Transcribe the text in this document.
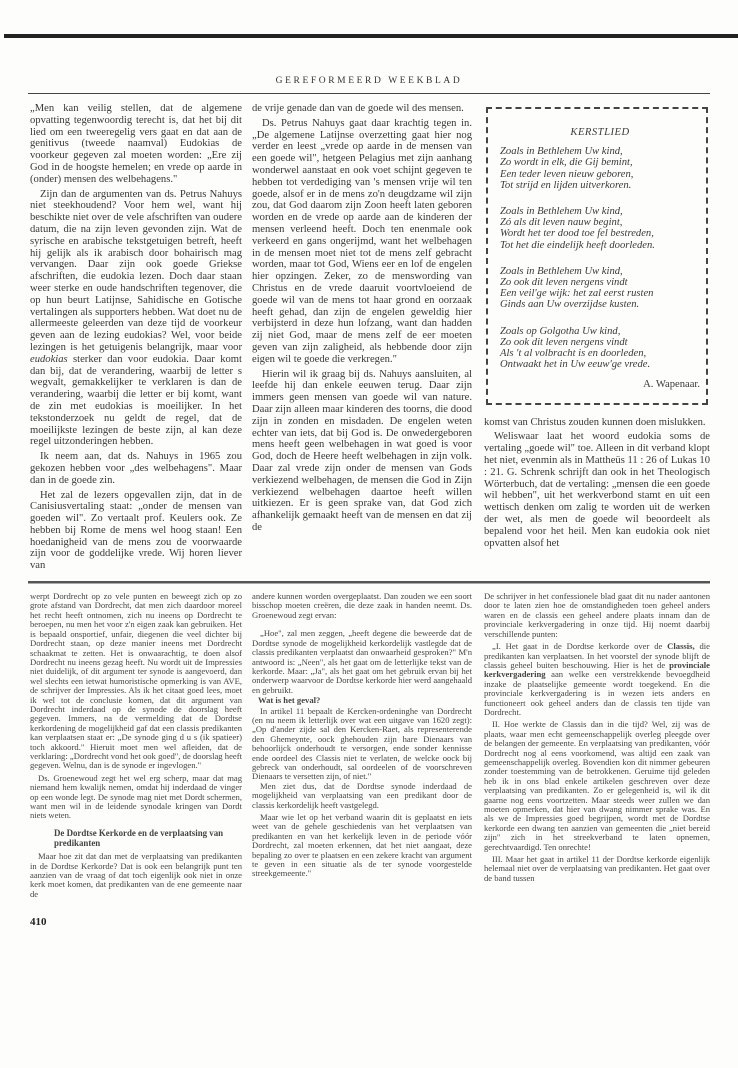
GEREFORMEERD WEEKBLAD

„Men kan veilig stellen, dat de algemene opvatting tegenwoordig terecht is, dat het bij dit lied om een tweeregelig vers gaat en dat aan de genitivus (tweede naamval) Eudokias de voorkeur gegeven zal moeten worden: „Ere zij God in de hoogste hemelen; en vrede op aarde in (onder) mensen des welbehagens."

Zijn dan de argumenten van ds. Petrus Nahuys niet steekhoudend? Voor hem wel, want hij beschikte niet over de vele afschriften van oudere datum, die na zijn leven gevonden zijn. Wat de syrische en arabische tekstgetuigen betreft, heeft hij gelijk als ik arabisch door bohairisch mag vervangen. Daar zijn ook goede Griekse afschriften, die eudokia lezen. Doch daar staan weer sterke en oude handschriften tegenover, die op hun beurt Latijnse, Sahidische en Gotische vertalingen als supporters hebben. Wat doet nu de allermeeste geleerden van deze tijd de voorkeur geven aan de lezing eudokias? Wel, voor beide lezingen is het getuigenis belangrijk, maar voor eudokias sterker dan voor eudokia. Daar komt dan bij, dat de verandering, waarbij de letter s wegvalt, gemakkelijker te verklaren is dan de verandering, waarbij die letter er bij komt, want de zin met eudokias is moeilijker. In het tekstonderzoek nu geldt de regel, dat de moeilijkste lezingen de beste zijn, al kan deze regel uitzonderingen hebben.

Ik neem aan, dat ds. Nahuys in 1965 zou gekozen hebben voor „des welbehagens". Maar dan in de goede zin.

Het zal de lezers opgevallen zijn, dat in de Canisiusvertaling staat: „onder de mensen van goeden wil". Zo vertaalt prof. Keulers ook. Ze hebben bij Rome de mens wel hoog staan! Een hoedanigheid van de mens zou de voorwaarde zijn voor de goddelijke vrede. Wij horen liever van

de vrije genade dan van de goede wil des mensen.

Ds. Petrus Nahuys gaat daar krachtig tegen in. „De algemene Latijnse overzetting gaat hier nog verder en leest „vrede op aarde in de mensen van een goede wil", hetgeen Pelagius met zijn aanhang wonderwel aanstaat en ook voet schijnt gegeven te hebben tot verdediging van 's mensen vrije wil ten goede, alsof er in de mens zo'n deugdzame wil zijn zou, dat God daarom zijn Zoon heeft laten geboren worden en de vrede op aarde aan de kinderen der mensen verleend heeft. Doch ten enenmale ook verkeerd en gans ongerijmd, want het welbehagen in de mensen moet niet tot de mens zelf gebracht worden, maar tot God, Wiens eer en lof de engelen hier opzingen. Zeker, zo de menswording van Christus en de vrede daaruit voortvloeiend de goede wil van de mens tot haar grond en oorzaak heeft gehad, dan zijn de engelen geweldig hier verbijsterd in deze hun lofzang, want dan hadden zij niet God, maar de mens zelf de eer moeten geven van zijn zaligheid, als hebbende door zijn eigen wil te goede die verkregen."

Hierin wil ik graag bij ds. Nahuys aansluiten, al leefde hij dan enkele eeuwen terug. Daar zijn immers geen mensen van goede wil van nature. Daar zijn alleen maar kinderen des toorns, die dood zijn in zonden en misdaden. De engelen weten echter van iets, dat bij God is. De onwedergeboren mens heeft geen welbehagen in wat goed is voor God, doch de Heere heeft welbehagen in zijn volk. Daar zal vrede zijn onder de mensen van Gods verkiezend welbehagen, de mensen die God in Zijn verkiezend welbehagen daartoe heeft willen uitkiezen. Er is geen sprake van, dat God zich afhankelijk gemaakt heeft van de mensen en dat zij de

KERSTLIED
Zoals in Bethlehem Uw kind,
Zo wordt in elk, die Gij bemint,
Een teder leven nieuw geboren,
Tot strijd en lijden uitverkoren.
Zoals in Bethlehem Uw kind,
Zó als dit leven nauw begint,
Wordt het ter dood toe fel bestreden,
Tot het die eindelijk heeft doorleden.
Zoals in Bethlehem Uw kind,
Zo ook dit leven nergens vindt
Een veil'ge wijk: het zal eerst rusten
Ginds aan Uw overzijdse kusten.
Zoals op Golgotha Uw kind,
Zo ook dit leven nergens vindt
Als 't al volbracht is en doorleden,
Ontwaakt het in Uw eeuw'ge vrede.
A. Wapenaar.

komst van Christus zouden kunnen doen mislukken.

Weliswaar laat het woord eudokia soms de vertaling „goede wil" toe. Alleen in dit verband klopt het niet, evenmin als in Mattheüs 11 : 26 of Lukas 10 : 21. G. Schrenk schrijft dan ook in het Theologisch Wörterbuch, dat de vertaling: „mensen die een goede wil hebben", uit het werkverbond stamt en uit een wettisch denken om zalig te worden uit de werken der wet, als men de goede wil beoordeelt als bepalend voor het heil. Men kan eudokia ook niet opvatten alsof het

werpt Dordrecht op zo vele punten en beweegt zich op zo grote afstand van Dordrecht, dat men zich daardoor moreel het recht heeft ontnomen, zich nu ineens op Dordrecht te beroepen, nu men het voor z'n eigen zaak kan gebruiken. Het is bepaald onsportief, unfair, diegenen die veel dichter bij Dordrecht staan, op deze manier ineens met Dordrecht schaakmat te zetten. Het is onwaarachtig, te doen alsof Dordrecht nu ineens gezag heeft. Nu wordt uit de Impressies niet duidelijk, of dit argument ter synode is aangevoerd, dan wel slechts een ietwat humoristische opmerking is van AVE, de schrijver der Impressies. Als ik het citaat goed lees, moet ik wel tot de conclusie komen, dat dit argument van Dordrecht inderdaad op de synode de doorslag heeft gegeven. Immers, na de vermelding dat de Dordtse kerkordening de mogelijkheid gaf dat een classis predikanten kan verplaatsen staat er: „De synode ging d u s (ik spatieer) toch akkoord." Hieruit moet men wel afleiden, dat de verklaring: „Dordrecht vond het ook goed", de doorslag heeft gegeven. Welnu, dan is de synode er ingevlogen."

Ds. Groenewoud zegt het wel erg scherp, maar dat mag niemand hem kwalijk nemen, omdat hij inderdaad de vinger op een wonde legt. De synode mag niet met Dordt schermen, want men wil in de leidende synodale kringen van Dordt niets weten.

De Dordtse Kerkorde en de verplaatsing van predikanten

Maar hoe zit dat dan met de verplaatsing van predikanten in de Dordtse Kerkorde? Dat is ook een belangrijk punt ten aanzien van de vraag of dat toch eigenlijk ook niet in onze kerk moet komen, dat predikanten van de ene gemeente naar de

andere kunnen worden overgeplaatst. Dan zouden we een soort bisschop moeten creëren, die deze zaak in handen neemt. Ds. Groenewoud zegt ervan:

„Hoe", zal men zeggen, „heeft degene die beweerde dat de Dordtse synode de mogelijkheid kerkordelijk vastlegde dat de classis predikanten verplaatst dan onwaarheid gesproken?" M'n antwoord is: „Neen", als het gaat om de letterlijke tekst van de kerkorde. Maar: „Ja", als het gaat om het gebruik ervan bij het onderwerp waarvoor de Dordtse kerkorde hier werd aangehaald en gebruikt.

Wat is het geval?

In artikel 11 bepaalt de Kercken-ordeninghe van Dordrecht (en nu neem ik letterlijk over wat een uitgave van 1620 zegt): „Op d'ander zijde sal den Kercken-Raet, als representerende den Ghemeynte, oock ghehouden zijn hare Dienaars van behoorlijck onderhoudt te versorgen, ende sonder kennisse ende oordeel des Classis niet te verlaten, de welcke oock bij gebreck van onderhoudt, sal oordeelen of de voorschreven Dienaars te versetten zijn, of niet."

Men ziet dus, dat de Dordtse synode inderdaad de mogelijkheid van verplaatsing van een predikant door de classis kerkordelijk heeft vastgelegd.

Maar wie let op het verband waarin dit is geplaatst en iets weet van de gehele geschiedenis van het verplaatsen van predikanten en van het kerkelijk leven in de periode vóór Dordrecht, zal moeten erkennen, dat het niet aangaat, deze bepaling zo over te plaatsen en een zekere kracht van argument te geven in een situatie als de ter synode voorgestelde streekgemeente."

De schrijver in het confessionele blad gaat dit nu nader aantonen door te laten zien hoe de omstandigheden toen geheel anders waren en de classis een geheel andere plaats innam dan de provinciale kerkvergadering in onze tijd. Hij noemt daarbij verschillende punten:

„I. Het gaat in de Dordtse kerkorde over de Classis, die predikanten kan verplaatsen. In het voorstel der synode blijft de classis geheel buiten beschouwing. Hier is het de provinciale kerkvergadering aan welke een verstrekkende bevoegdheid inzake de plaatselijke gemeente wordt toegekend. En die provinciale kerkvergadering is in wezen iets anders en functioneert ook geheel anders dan de classis ten tijde van Dordrecht.

II. Hoe werkte de Classis dan in die tijd? Wel, zij was de plaats, waar men echt gemeenschappelijk overleg pleegde over de belangen der gemeente. En verplaatsing van predikanten, vóór Dordrecht nog al eens voorkomend, was altijd een zaak van gemeenschappelijk overleg. Bovendien kon dit nimmer gebeuren zonder toestemming van de betrokkenen. Geruime tijd geleden heb ik in ons blad enkele artikelen geschreven over deze verplaatsing van predikanten. Zo er gelegenheid is, wil ik dit gaarne nog eens voortzetten. Maar steeds weer zullen we dan moeten opmerken, dat hier van dwang nimmer sprake was. En als we de Impressies goed begrijpen, wordt met de Dordtse kerkorde een dwang ten aanzien van gemeenten die „niet bereid zijn" zich in het streekverband te laten opnemen, gerechtvaardigd. Ten onrechte!

III. Maar het gaat in artikel 11 der Dordtse kerkorde eigenlijk helemaal niet over de verplaatsing van predikanten. Het gaat over de band tussen

410
